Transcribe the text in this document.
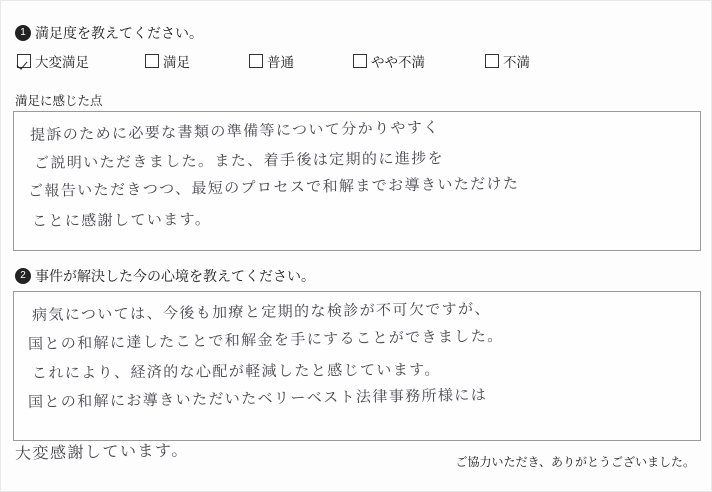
1 満足度を教えてください。
大変満足	満足	普通	やや不満	不満
満足に感じた点
提訴のために必要な書類の準備等について分かりやすく
ご説明いただきました。また、着手後は定期的に進捗を
ご報告いただきつつ、最短のプロセスで和解までお導きいただけた
ことに感謝しています。
2 事件が解決した今の心境を教えてください。
病気については、今後も加療と定期的な検診が不可欠ですが、
国との和解に達したことで和解金を手にすることができました。
これにより、経済的な心配が軽減したと感じています。
国との和解にお導きいただいたベリーベスト法律事務所様には
大変感謝しています。	ご協力いただき、ありがとうございました。
